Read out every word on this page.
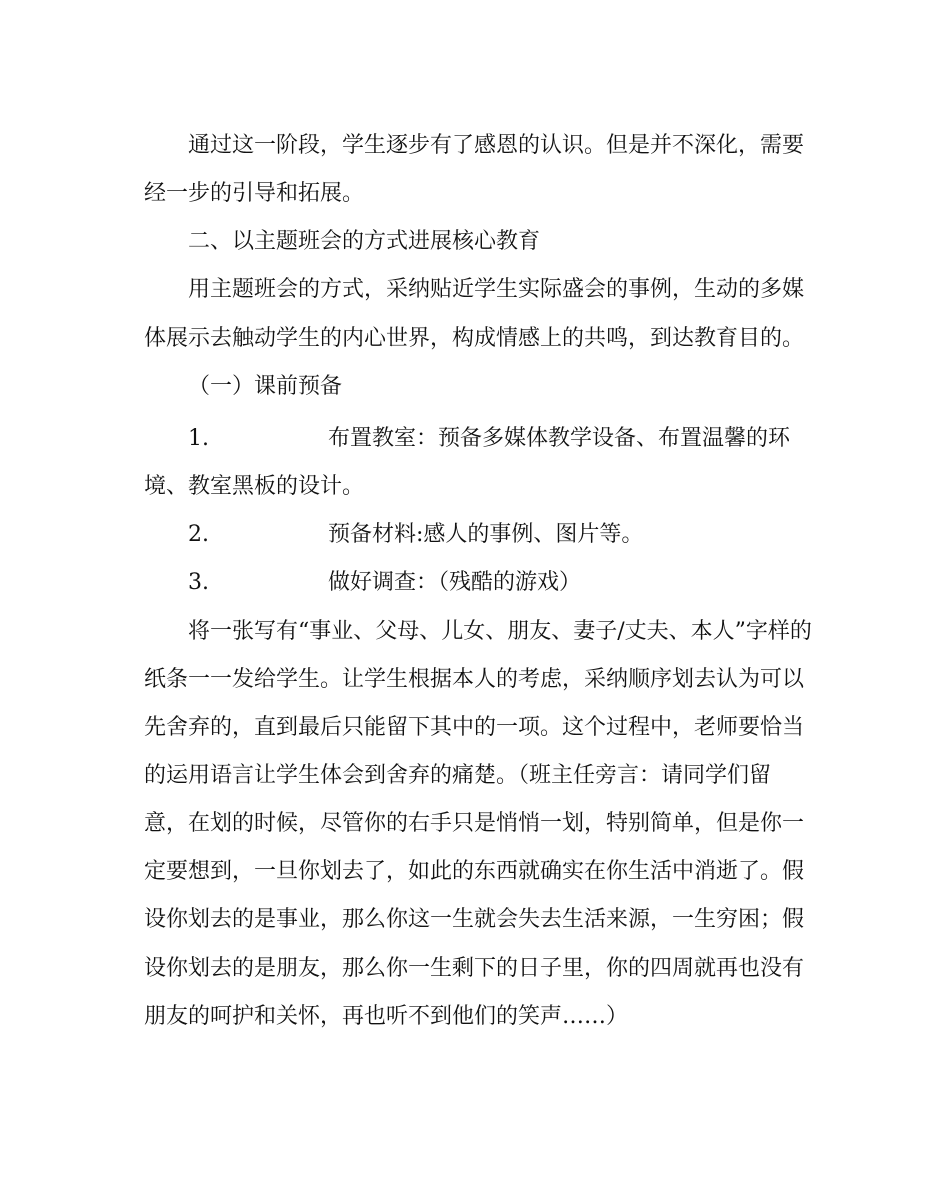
通过这一阶段，学生逐步有了感恩的认识。但是并不深化，需要
经一步的引导和拓展。
二、以主题班会的方式进展核心教育
用主题班会的方式，采纳贴近学生实际盛会的事例，生动的多媒
体展示去触动学生的内心世界，构成情感上的共鸣，到达教育目的。
（一）课前预备
1.	布置教室：预备多媒体教学设备、布置温馨的环
境、教室黑板的设计。
2.	预备材料:感人的事例、图片等。
3.	做好调查：（残酷的游戏）
将一张写有“事业、父母、儿女、朋友、妻子/丈夫、本人”字样的
纸条一一发给学生。让学生根据本人的考虑，采纳顺序划去认为可以
先舍弃的，直到最后只能留下其中的一项。这个过程中，老师要恰当
的运用语言让学生体会到舍弃的痛楚。（班主任旁言：请同学们留
意，在划的时候，尽管你的右手只是悄悄一划，特别简单，但是你一
定要想到，一旦你划去了，如此的东西就确实在你生活中消逝了。假
设你划去的是事业，那么你这一生就会失去生活来源，一生穷困；假
设你划去的是朋友，那么你一生剩下的日子里，你的四周就再也没有
朋友的呵护和关怀，再也听不到他们的笑声……）
